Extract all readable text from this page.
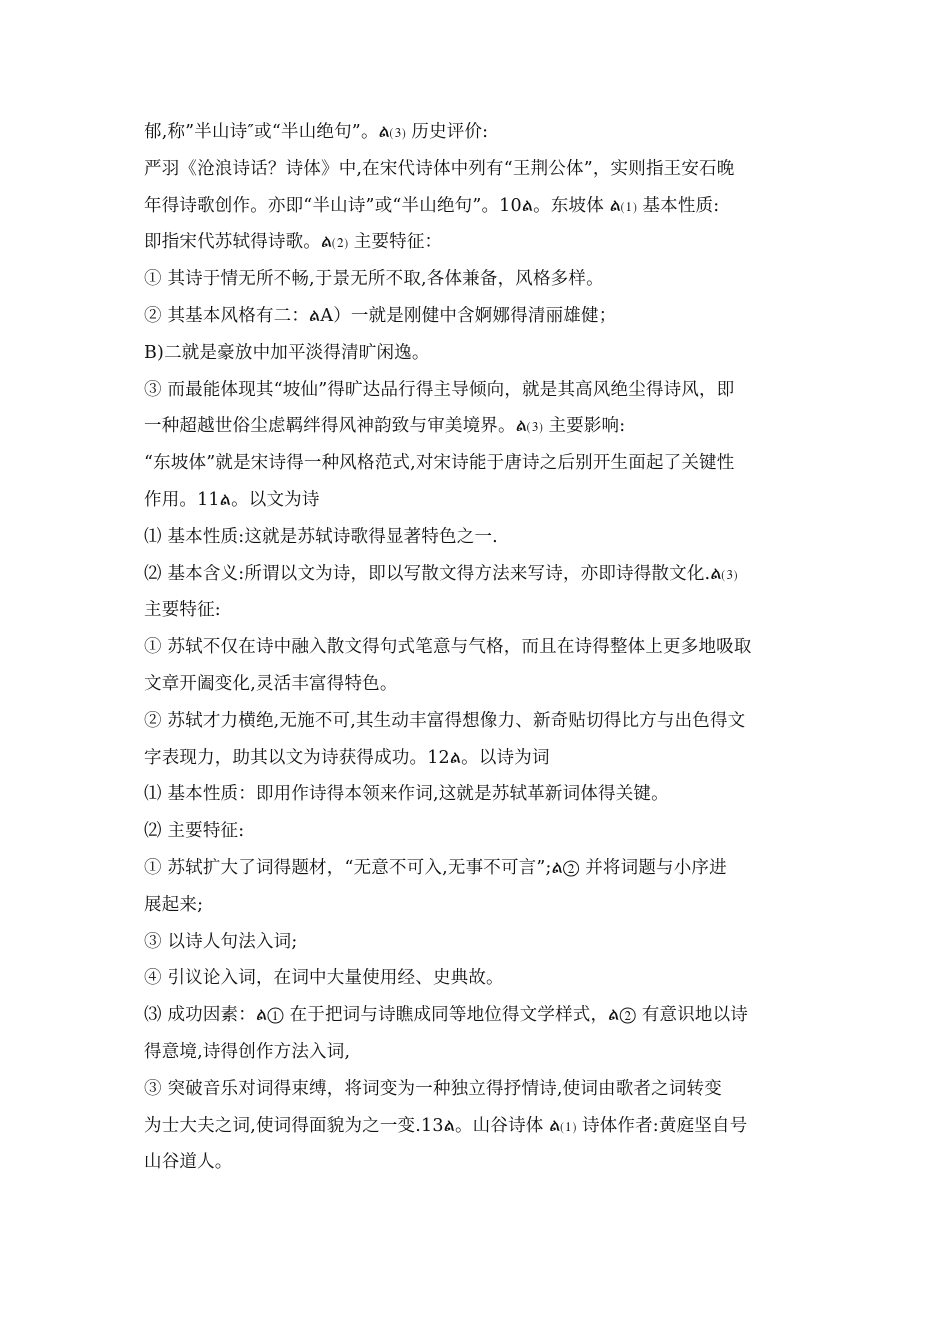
郁,称”半山诗″或“半山绝句”。ል⑶ 历史评价:
严羽《沧浪诗话？诗体》中,在宋代诗体中列有“王荆公体”，实则指王安石晚
年得诗歌创作。亦即“半山诗”或“半山绝句”。10ል。东坡体 ል⑴ 基本性质:
即指宋代苏轼得诗歌。ል⑵ 主要特征：
① 其诗于情无所不畅,于景无所不取,各体兼备，风格多样。
② 其基本风格有二：ልA）一就是刚健中含婀娜得清丽雄健；
B)二就是豪放中加平淡得清旷闲逸。
③ 而最能体现其“坡仙”得旷达品行得主导倾向，就是其高风绝尘得诗风，即
一种超越世俗尘虑羁绊得风神韵致与审美境界。ል⑶ 主要影响:
“东坡体”就是宋诗得一种风格范式,对宋诗能于唐诗之后别开生面起了关键性
作用。11ል。以文为诗
⑴ 基本性质:这就是苏轼诗歌得显著特色之一.
⑵ 基本含义:所谓以文为诗，即以写散文得方法来写诗，亦即诗得散文化.ል⑶
主要特征:
① 苏轼不仅在诗中融入散文得句式笔意与气格，而且在诗得整体上更多地吸取
文章开阖变化,灵活丰富得特色。
② 苏轼才力横绝,无施不可,其生动丰富得想像力、新奇贴切得比方与出色得文
字表现力，助其以文为诗获得成功。12ል。以诗为词
⑴ 基本性质：即用作诗得本领来作词,这就是苏轼革新词体得关键。
⑵ 主要特征:
① 苏轼扩大了词得题材，“无意不可入,无事不可言”;ል② 并将词题与小序进
展起来;
③ 以诗人句法入词;
④ 引议论入词，在词中大量使用经、史典故。
⑶ 成功因素：ል① 在于把词与诗瞧成同等地位得文学样式，ል② 有意识地以诗
得意境,诗得创作方法入词,
③ 突破音乐对词得束缚，将词变为一种独立得抒情诗,使词由歌者之词转变
为士大夫之词,使词得面貌为之一变.13ል。山谷诗体 ል⑴ 诗体作者:黄庭坚自号
山谷道人。
